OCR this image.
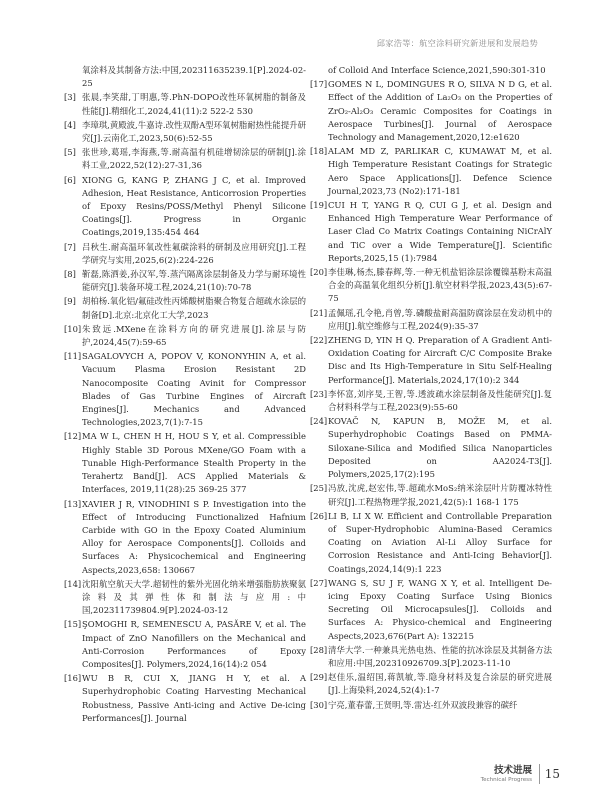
邱家浩等：航空涂料研究新进展和发展趋势
氧涂料及其制备方法:中国,202311635239.1[P].2024-02-25
[3] 张晨,李笑甜,丁明惠,等.PhN-DOPO改性环氧树脂的制备及性能[J].精细化工,2024,41(11):2 522-2 530
[4] 李璋琪,黄殿波,牛嘉诗.改性双酚A型环氧树脂耐热性能提升研究[J].云南化工,2023,50(6):52-55
[5] 张世珍,葛瑶,李海燕,等.耐高温有机硅增韧涂层的研制[J].涂料工业,2022,52(12):27-31,36
[6] XIONG G, KANG P, ZHANG J C, et al. Improved Adhesion, Heat Resistance, Anticorrosion Properties of Epoxy Resins/POSS/Methyl Phenyl Silicone Coatings[J]. Progress in Organic Coatings,2019,135:454 464
[7] 吕秋生.耐高温环氧改性氟碳涂料的研制及应用研究[J].工程学研究与实用,2025,6(2):224-226
[8] 靳磊,陈洒姜,孙汉军,等.蒸汽隔离涂层制备及力学与耐环境性能研究[J].装备环境工程,2024,21(10):70-78
[9] 胡柏杨.氧化铝/氟硅改性丙烯酸树脂聚合物复合超疏水涂层的制备[D].北京:北京化工大学,2023
[10] 朱致远.MXene在涂料方向的研究进展[J].涂层与防护,2024,45(7):59-65
[11] SAGALOVYCH A, POPOV V, KONONYHIN A, et al. Vacuum Plasma Erosion Resistant 2D Nanocomposite Coating Avinit for Compressor Blades of Gas Turbine Engines of Aircraft Engines[J]. Mechanics and Advanced Technologies,2023,7(1):7-15
[12] MA W L, CHEN H H, HOU S Y, et al. Compressible Highly Stable 3D Porous MXene/GO Foam with a Tunable High-Performance Stealth Property in the Terahertz Band[J]. ACS Applied Materials & Interfaces, 2019,11(28):25 369-25 377
[13] XAVIER J R, VINODHINI S P. Investigation into the Effect of Introducing Functionalized Hafnium Carbide with GO in the Epoxy Coated Aluminium Alloy for Aerospace Components[J]. Colloids and Surfaces A: Physicochemical and Engineering Aspects,2023,658: 130667
[14] 沈阳航空航天大学.超韧性的紫外光固化纳米增强脂肪族聚氨涂料及其弹性体和制法与应用:中国,202311739804.9[P].2024-03-12
[15] ŞOMOGHI R, SEMENESCU A, PASĂRE V, et al. The Impact of ZnO Nanofillers on the Mechanical and Anti-Corrosion Performances of Epoxy Composites[J]. Polymers,2024,16(14):2 054
[16] WU B R, CUI X, JIANG H Y, et al. A Superhydrophobic Coating Harvesting Mechanical Robustness, Passive Anti-icing and Active De-icing Performances[J]. Journal
of Colloid And Interface Science,2021,590:301-310
[17] GOMES N L, DOMINGUES R O, SILVA N D G, et al. Effect of the Addition of La₂O₃ on the Properties of ZrO₂-Al₂O₃ Ceramic Composites for Coatings in Aerospace Turbines[J]. Journal of Aerospace Technology and Management,2020,12:e1620
[18] ALAM MD Z, PARLIKAR C, KUMAWAT M, et al. High Temperature Resistant Coatings for Strategic Aero Space Applications[J]. Defence Science Journal,2023,73 (No2):171-181
[19] CUI H T, YANG R Q, CUI G J, et al. Design and Enhanced High Temperature Wear Performance of Laser Clad Co Matrix Coatings Containing NiCrAlY and TiC over a Wide Temperature[J]. Scientific Reports,2025,15 (1):7984
[20] 李佳琳,杨杰,滕春辉,等.一种无机盐铝涂层涂覆镍基粉末高温合金的高温氧化组织分析[J].航空材料学报,2023,43(5):67-75
[21] 孟佩瑶,孔令艳,肖曾,等.磷酸盐耐高温防腐涂层在发动机中的应用[J].航空维修与工程,2024(9):35-37
[22] ZHENG D, YIN H Q. Preparation of A Gradient Anti-Oxidation Coating for Aircraft C/C Composite Brake Disc and Its High-Temperature in Situ Self-Healing Performance[J]. Materials,2024,17(10):2 344
[23] 李怀富,刘序旻,王智,等.透波疏水涂层制备及性能研究[J].复合材料科学与工程,2023(9):55-60
[24] KOVAČ N, KAPUN B, MOŽE M, et al. Superhydrophobic Coatings Based on PMMA-Siloxane-Silica and Modified Silica Nanoparticles Deposited on AA2024-T3[J]. Polymers,2025,17(2):195
[25] 冯放,沈虎,赵宏伟,等.超疏水MoS₂纳米涂层叶片防覆冰特性研究[J].工程热物理学报,2021,42(5):1 168-1 175
[26] LI B, LI X W. Efficient and Controllable Preparation of Super-Hydrophobic Alumina-Based Ceramics Coating on Aviation Al-Li Alloy Surface for Corrosion Resistance and Anti-Icing Behavior[J]. Coatings,2024,14(9):1 223
[27] WANG S, SU J F, WANG X Y, et al. Intelligent De-icing Epoxy Coating Surface Using Bionics Secreting Oil Microcapsules[J]. Colloids and Surfaces A: Physico-chemical and Engineering Aspects,2023,676(Part A): 132215
[28] 清华大学.一种兼具光热电热、性能的抗冰涂层及其制备方法和应用:中国,202310926709.3[P].2023-11-10
[29] 赵佳乐,温绍国,蒋凯敏,等.隐身材料及复合涂层的研究进展[J].上海染料,2024,52(4):1-7
[30] 宁亮,董春蕾,王贤明,等.雷达-红外双波段兼容的碳纤
技术进展
Technical Progress 15
